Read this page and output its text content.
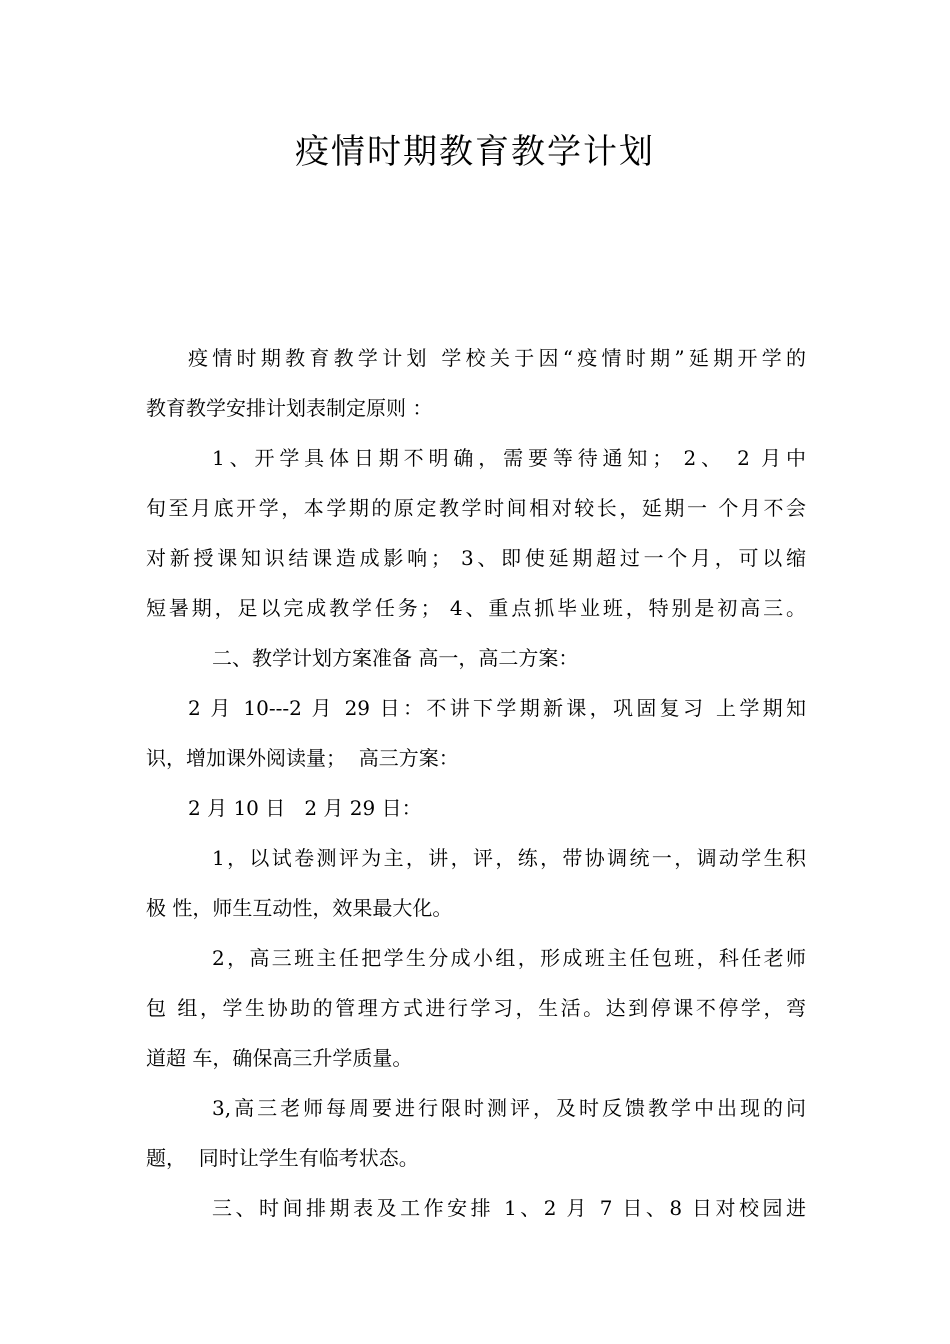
疫情时期教育教学计划
疫情时期教育教学计划 学校关于因“疫情时期”延期开学的
教育教学安排计划表制定原则 ：
1、开学具体日期不明确，需要等待通知； 2、 2 月中
旬至月底开学，本学期的原定教学时间相对较长，延期一 个月不会
对新授课知识结课造成影响； 3、即使延期超过一个月，可以缩
短暑期，足以完成教学任务； 4、重点抓毕业班，特别是初高三。
二、教学计划方案准备 高一，高二方案：
2 月 10---2 月 29 日：不讲下学期新课，巩固复习 上学期知
识，增加课外阅读量；  高三方案：
2 月 10 日   2 月 29 日：
1，以试卷测评为主，讲，评，练，带协调统一，调动学生积
极 性，师生互动性，效果最大化。
2，高三班主任把学生分成小组，形成班主任包班，科任老师
包 组，学生协助的管理方式进行学习，生活。达到停课不停学，弯
道超 车，确保高三升学质量。
3,高三老师每周要进行限时测评，及时反馈教学中出现的问
题，  同时让学生有临考状态。
三、时间排期表及工作安排 1、2 月 7 日、8 日对校园进
